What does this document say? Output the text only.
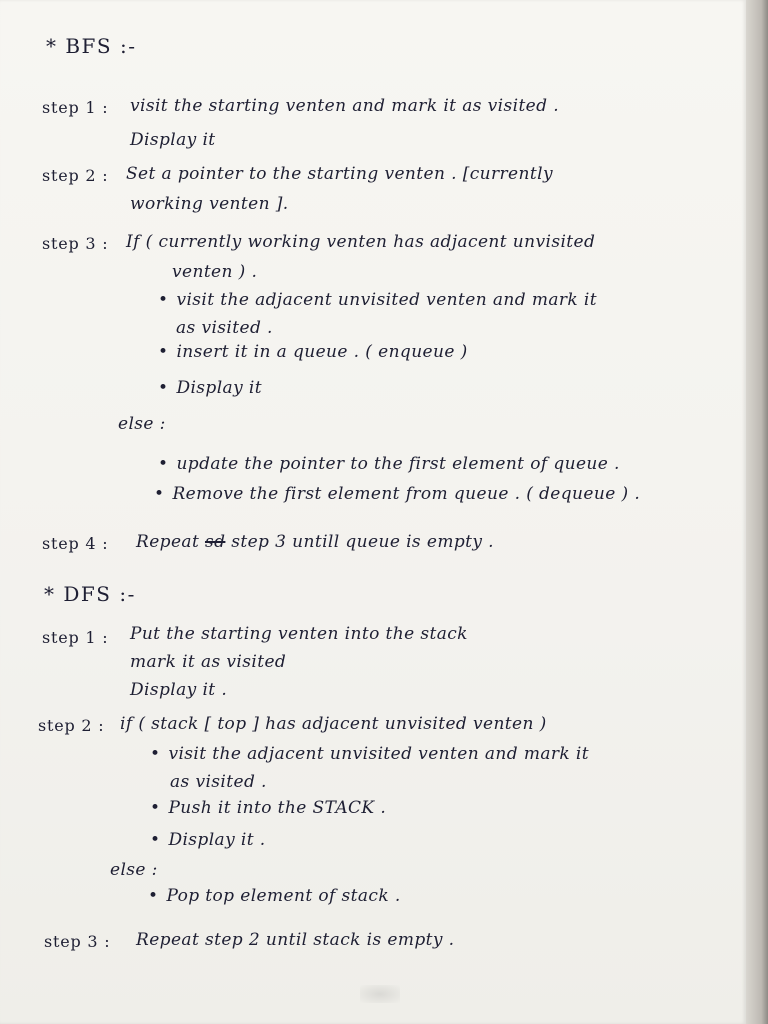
* BFS :-
step 1 : visit the starting venten and mark it as visited .
Display it
step 2 : Set a pointer to the starting venten . [currently
working venten ].
step 3 : If ( currently working venten has adjacent unvisited
venten ) .
• visit the adjacent unvisited venten and mark it
as visited .
• insert it in a queue . ( enqueue )
• Display it
else :
• update the pointer to the first element of queue .
• Remove the first element from queue . ( dequeue ) .
step 4 : Repeat sd step 3 untill queue is empty .
* DFS :-
step 1 : Put the starting venten into the stack
mark it as visited
Display it .
step 2 : if ( stack [ top ] has adjacent unvisited venten )
• visit the adjacent unvisited venten and mark it
as visited .
• Push it into the STACK .
• Display it .
else :
• Pop top element of stack .
step 3 : Repeat step 2 until stack is empty .
